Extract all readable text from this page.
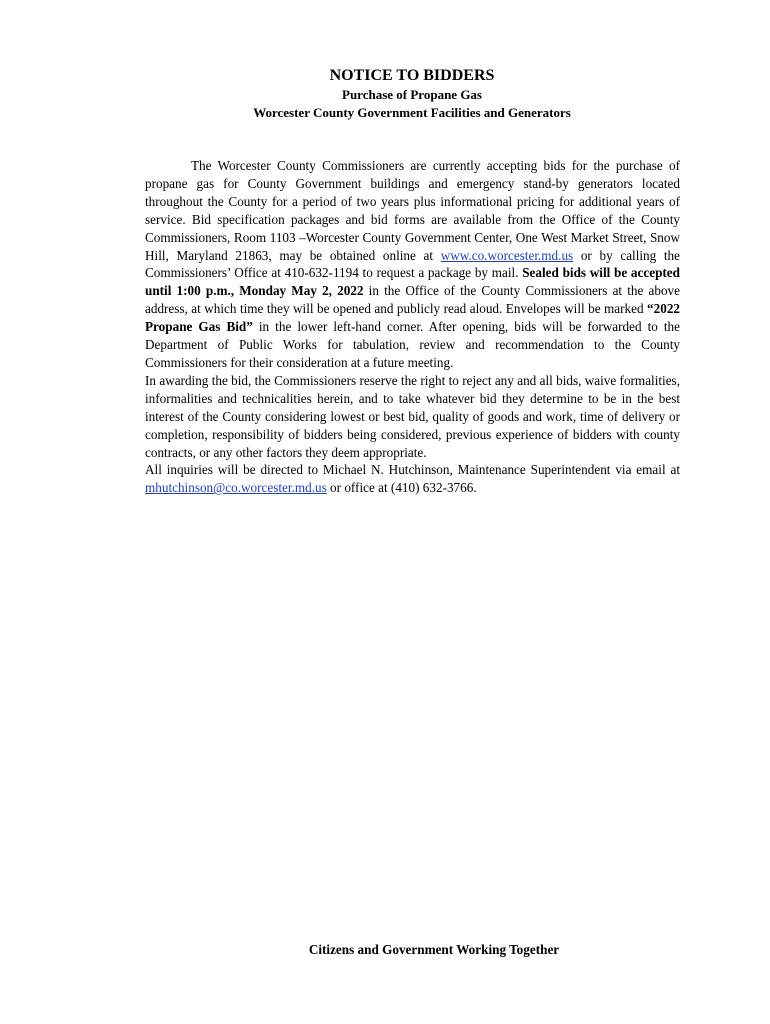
NOTICE TO BIDDERS
Purchase of Propane Gas
Worcester County Government Facilities and Generators

The Worcester County Commissioners are currently accepting bids for the purchase of propane gas for County Government buildings and emergency stand-by generators located throughout the County for a period of two years plus informational pricing for additional years of service. Bid specification packages and bid forms are available from the Office of the County Commissioners, Room 1103 –Worcester County Government Center, One West Market Street, Snow Hill, Maryland 21863, may be obtained online at www.co.worcester.md.us or by calling the Commissioners’ Office at 410-632-1194 to request a package by mail. Sealed bids will be accepted until 1:00 p.m., Monday May 2, 2022 in the Office of the County Commissioners at the above address, at which time they will be opened and publicly read aloud. Envelopes will be marked “2022 Propane Gas Bid” in the lower left-hand corner. After opening, bids will be forwarded to the Department of Public Works for tabulation, review and recommendation to the County Commissioners for their consideration at a future meeting.

In awarding the bid, the Commissioners reserve the right to reject any and all bids, waive formalities, informalities and technicalities herein, and to take whatever bid they determine to be in the best interest of the County considering lowest or best bid, quality of goods and work, time of delivery or completion, responsibility of bidders being considered, previous experience of bidders with county contracts, or any other factors they deem appropriate.

All inquiries will be directed to Michael N. Hutchinson, Maintenance Superintendent via email at mhutchinson@co.worcester.md.us or office at (410) 632-3766.

Citizens and Government Working Together
